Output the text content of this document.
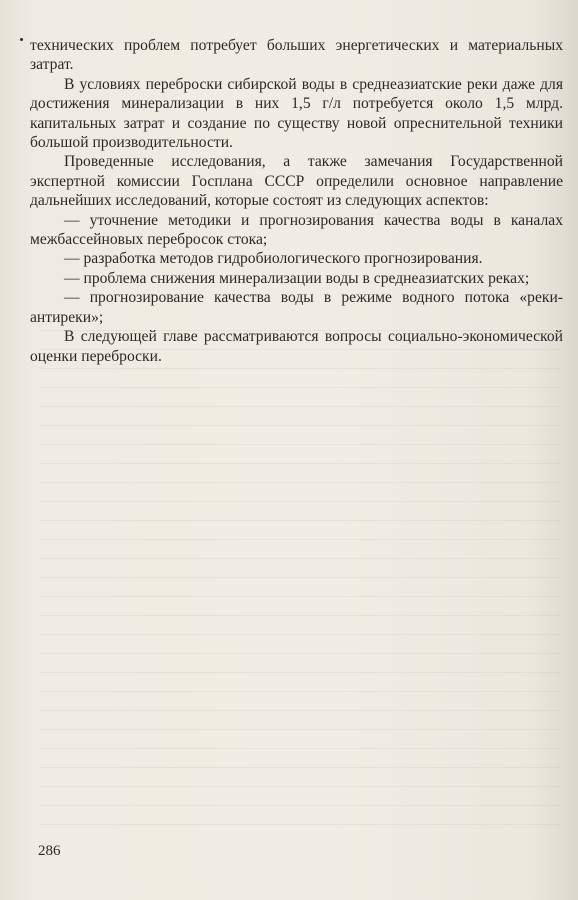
технических проблем потребует больших энергетических и материальных затрат.

В условиях переброски сибирской воды в среднеазиатские реки даже для достижения минерализации в них 1,5 г/л потребуется около 1,5 млрд. капитальных затрат и создание по существу новой опреснительной техники большой производительности.

Проведенные исследования, а также замечания Государственной экспертной комиссии Госплана СССР определили основное направление дальнейших исследований, которые состоят из следующих аспектов:

— уточнение методики и прогнозирования качества воды в каналах межбассейновых перебросок стока;

— разработка методов гидробиологического прогнозирования.

— проблема снижения минерализации воды в среднеазиатских реках;

— прогнозирование качества воды в режиме водного потока «реки-антиреки»;

В следующей главе рассматриваются вопросы социально-экономической оценки переброски.

286
